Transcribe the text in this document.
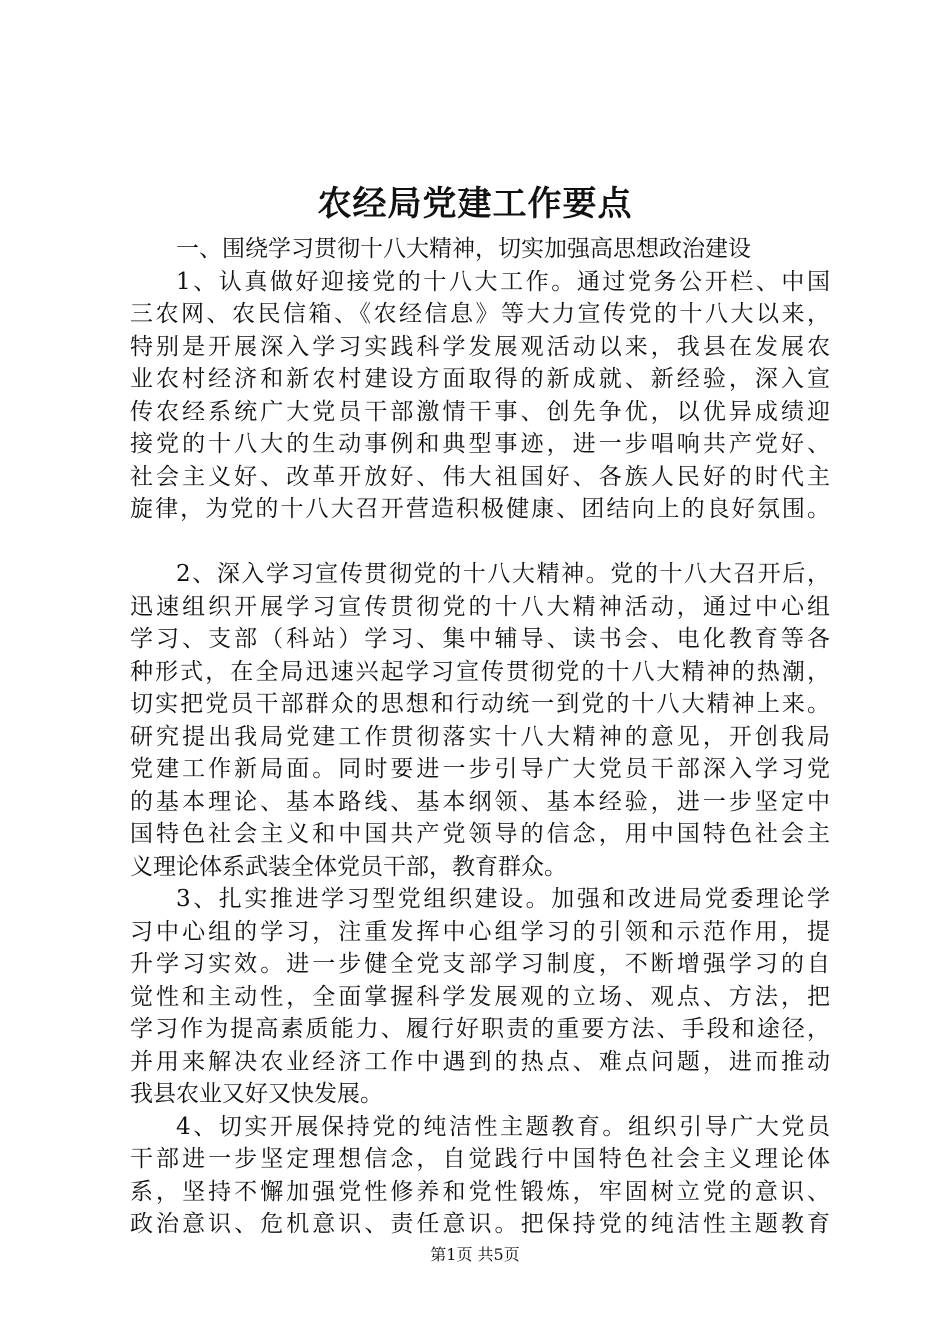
农经局党建工作要点
一、围绕学习贯彻十八大精神，切实加强高思想政治建设
1、认真做好迎接党的十八大工作。通过党务公开栏、中国
三农网、农民信箱、《农经信息》等大力宣传党的十八大以来，
特别是开展深入学习实践科学发展观活动以来，我县在发展农
业农村经济和新农村建设方面取得的新成就、新经验，深入宣
传农经系统广大党员干部激情干事、创先争优，以优异成绩迎
接党的十八大的生动事例和典型事迹，进一步唱响共产党好、
社会主义好、改革开放好、伟大祖国好、各族人民好的时代主
旋律，为党的十八大召开营造积极健康、团结向上的良好氛围。
2、深入学习宣传贯彻党的十八大精神。党的十八大召开后，
迅速组织开展学习宣传贯彻党的十八大精神活动，通过中心组
学习、支部（科站）学习、集中辅导、读书会、电化教育等各
种形式，在全局迅速兴起学习宣传贯彻党的十八大精神的热潮，
切实把党员干部群众的思想和行动统一到党的十八大精神上来。
研究提出我局党建工作贯彻落实十八大精神的意见，开创我局
党建工作新局面。同时要进一步引导广大党员干部深入学习党
的基本理论、基本路线、基本纲领、基本经验，进一步坚定中
国特色社会主义和中国共产党领导的信念，用中国特色社会主
义理论体系武装全体党员干部，教育群众。
3、扎实推进学习型党组织建设。加强和改进局党委理论学
习中心组的学习，注重发挥中心组学习的引领和示范作用，提
升学习实效。进一步健全党支部学习制度，不断增强学习的自
觉性和主动性，全面掌握科学发展观的立场、观点、方法，把
学习作为提高素质能力、履行好职责的重要方法、手段和途径，
并用来解决农业经济工作中遇到的热点、难点问题，进而推动
我县农业又好又快发展。
4、切实开展保持党的纯洁性主题教育。组织引导广大党员
干部进一步坚定理想信念，自觉践行中国特色社会主义理论体
系，坚持不懈加强党性修养和党性锻炼，牢固树立党的意识、
政治意识、危机意识、责任意识。把保持党的纯洁性主题教育
第1页 共5页
